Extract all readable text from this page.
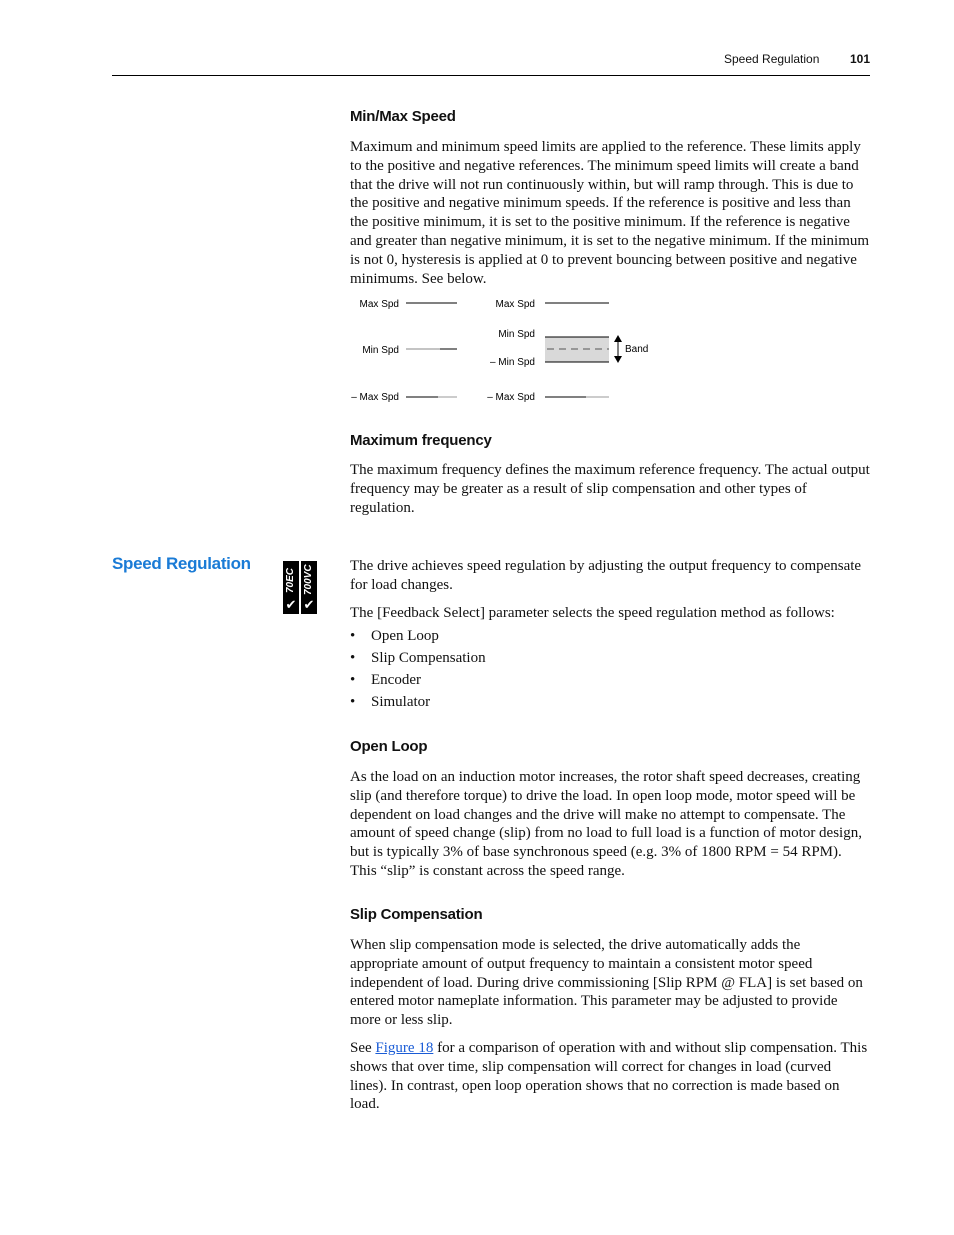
Speed Regulation	101
Min/Max Speed

Maximum and minimum speed limits are applied to the reference. These limits apply to the positive and negative references. The minimum speed limits will create a band that the drive will not run continuously within, but will ramp through. This is due to the positive and negative minimum speeds. If the reference is positive and less than the positive minimum, it is set to the positive minimum. If the reference is negative and greater than negative minimum, it is set to the negative minimum. If the minimum is not 0, hysteresis is applied at 0 to prevent bouncing between positive and negative minimums. See below.

Max Spd
Min Spd
– Max Spd
Max Spd
Min Spd
– Min Spd
Band
– Max Spd
Maximum frequency

The maximum frequency defines the maximum reference frequency. The actual output frequency may be greater as a result of slip compensation and other types of regulation.

Speed Regulation
70EC
✔
700VC
✔

The drive achieves speed regulation by adjusting the output frequency to compensate for load changes.

The [Feedback Select] parameter selects the speed regulation method as follows:

• Open Loop
• Slip Compensation
• Encoder
• Simulator
Open Loop

As the load on an induction motor increases, the rotor shaft speed decreases, creating slip (and therefore torque) to drive the load. In open loop mode, motor speed will be dependent on load changes and the drive will make no attempt to compensate. The amount of speed change (slip) from no load to full load is a function of motor design, but is typically 3% of base synchronous speed (e.g. 3% of 1800 RPM = 54 RPM). This “slip” is constant across the speed range.

Slip Compensation

When slip compensation mode is selected, the drive automatically adds the appropriate amount of output frequency to maintain a consistent motor speed independent of load. During drive commissioning [Slip RPM @ FLA] is set based on entered motor nameplate information. This parameter may be adjusted to provide more or less slip.

See Figure 18 for a comparison of operation with and without slip compensation. This shows that over time, slip compensation will correct for changes in load (curved lines). In contrast, open loop operation shows that no correction is made based on load.
